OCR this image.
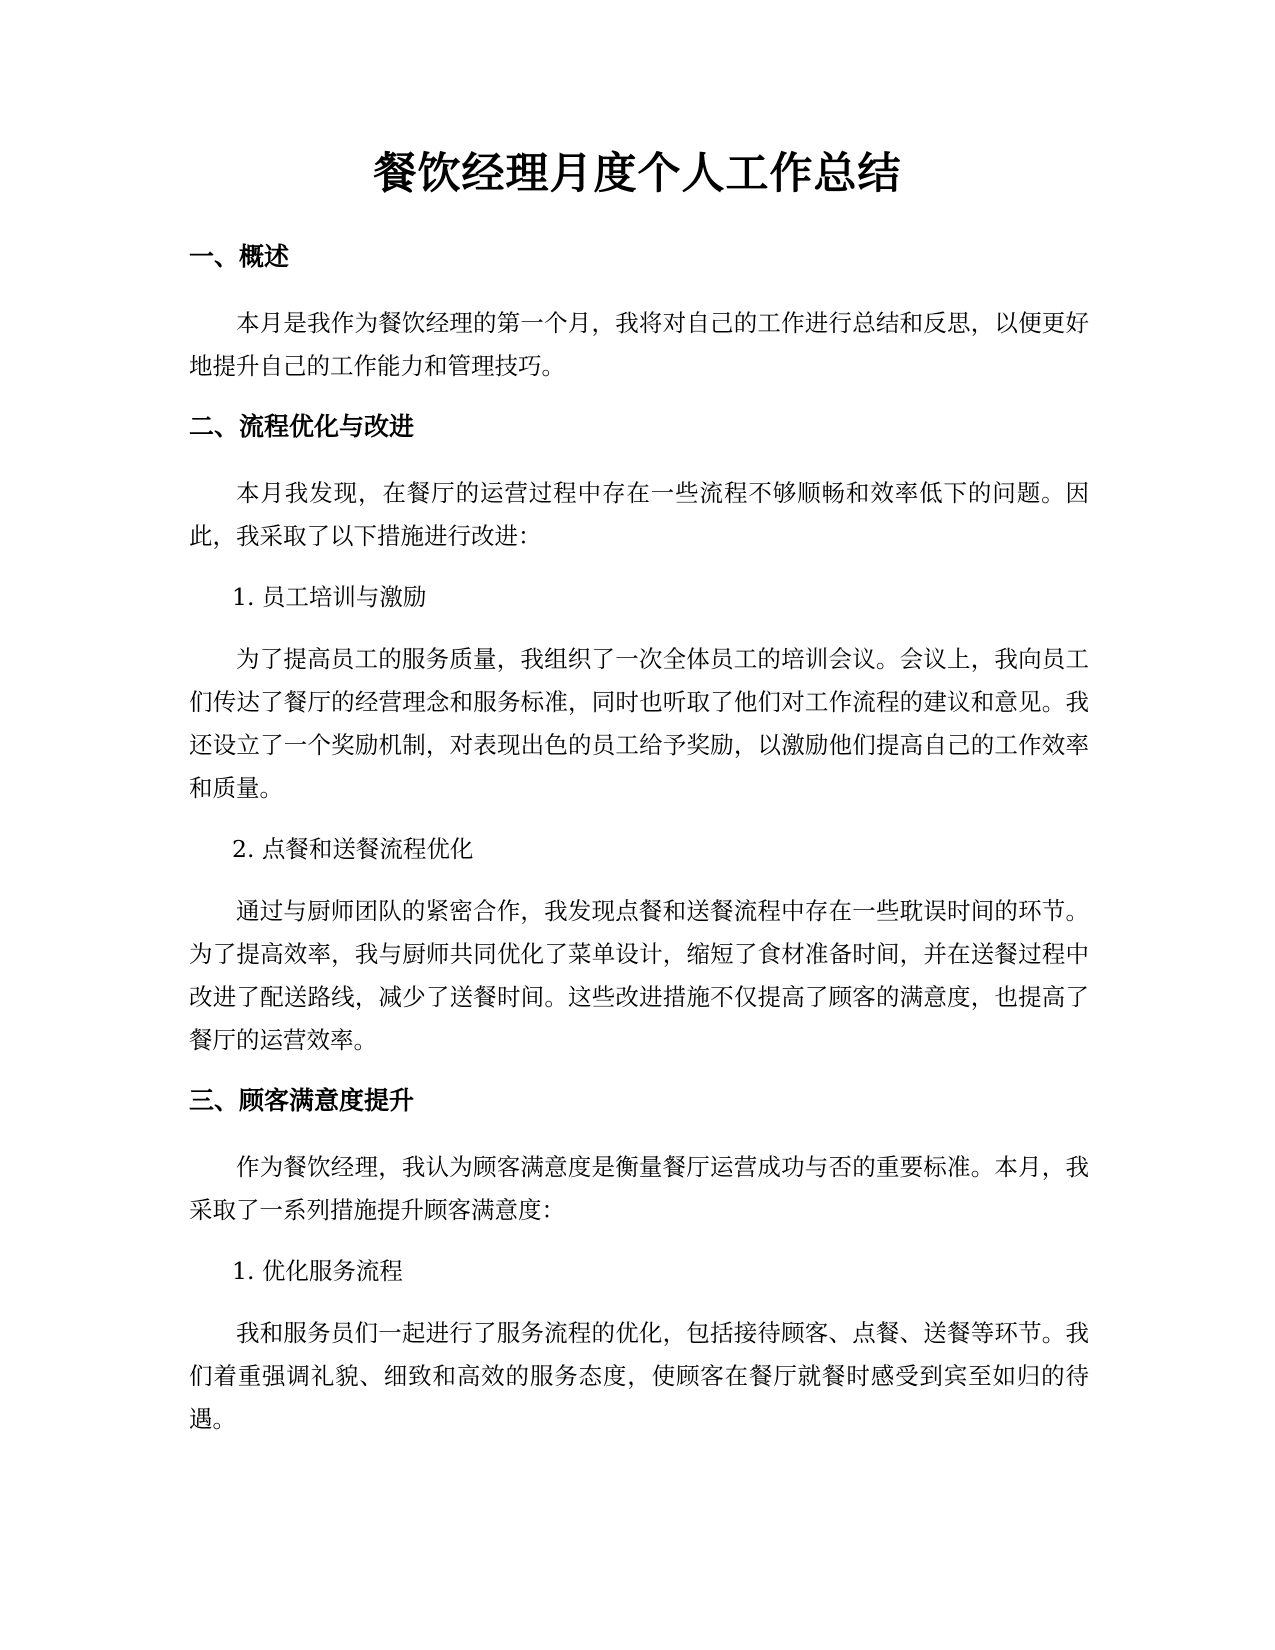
餐饮经理月度个人工作总结
一、概述

本月是我作为餐饮经理的第一个月，我将对自己的工作进行总结和反思，以便更好地提升自己的工作能力和管理技巧。

二、流程优化与改进

本月我发现，在餐厅的运营过程中存在一些流程不够顺畅和效率低下的问题。因此，我采取了以下措施进行改进：

1. 员工培训与激励

为了提高员工的服务质量，我组织了一次全体员工的培训会议。会议上，我向员工们传达了餐厅的经营理念和服务标准，同时也听取了他们对工作流程的建议和意见。我还设立了一个奖励机制，对表现出色的员工给予奖励，以激励他们提高自己的工作效率和质量。

2. 点餐和送餐流程优化

通过与厨师团队的紧密合作，我发现点餐和送餐流程中存在一些耽误时间的环节。为了提高效率，我与厨师共同优化了菜单设计，缩短了食材准备时间，并在送餐过程中改进了配送路线，减少了送餐时间。这些改进措施不仅提高了顾客的满意度，也提高了餐厅的运营效率。

三、顾客满意度提升

作为餐饮经理，我认为顾客满意度是衡量餐厅运营成功与否的重要标准。本月，我采取了一系列措施提升顾客满意度：

1. 优化服务流程

我和服务员们一起进行了服务流程的优化，包括接待顾客、点餐、送餐等环节。我们着重强调礼貌、细致和高效的服务态度，使顾客在餐厅就餐时感受到宾至如归的待遇。
